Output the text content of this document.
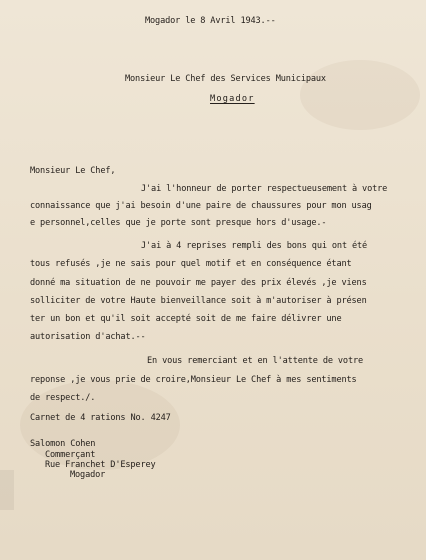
Mogador le 8 Avril 1943.--
Monsieur Le Chef des Services Municipaux
Mogador
Monsieur Le Chef,
J'ai l'honneur de porter respectueusement à votre
connaissance que j'ai besoin d'une paire de chaussures pour mon usag
e personnel,celles que je porte sont presque hors d'usage.-
J'ai à 4 reprises rempli des bons qui ont été
tous refusés ,je ne sais pour quel motif et en conséquence étant
donné ma situation de ne pouvoir me payer des prix élevés ,je viens
solliciter de votre Haute bienveillance soit à m'autoriser à présen
ter un bon et qu'il soit accepté soit de me faire délivrer une
autorisation d'achat.--
En vous remerciant et en l'attente de votre
reponse ,je vous prie de croire,Monsieur Le Chef à mes sentiments
de respect./.
Carnet de 4 rations No. 4247
Salomon Cohen
Commerçant
Rue Franchet D'Esperey
Mogador
